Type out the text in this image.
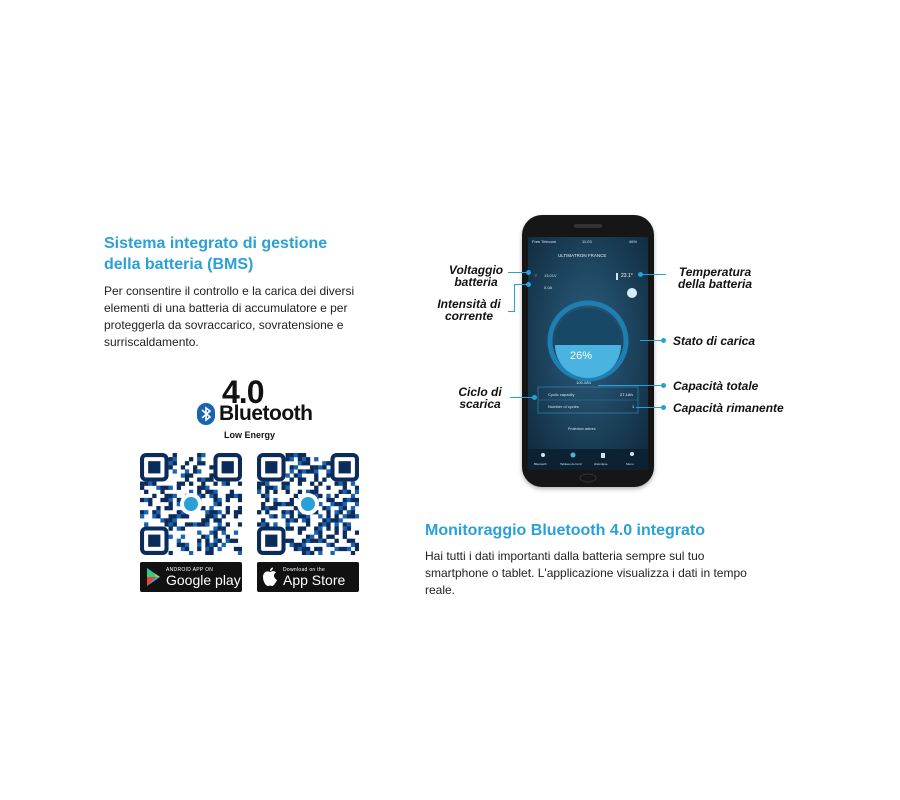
Sistema integrato di gestione della batteria (BMS)
Per consentire il controllo e la carica dei diversi elementi di una batteria di accumulatore e per proteggerla da sovraccarico, sovratensione e surriscaldamento.
4.0
Bluetooth
Low Energy
ANDROID APP ON
Google play
Download on the
App Store
Free Telecom	11:03	46%
ULTIMATRON FRANCE
⌔ 13.01V
0.0A
23.1°
26%
105.4Ah
Cyclic capacity	27.1Ah
Number of cycles	1
Protection actives
Bluetooth	Tableau de bord	Historique	Menu
Voltaggio batteria
Intensità di corrente
Ciclo di scarica
Temperatura della batteria
Stato di carica
Capacità totale
Capacità rimanente
Monitoraggio Bluetooth 4.0 integrato
Hai tutti i dati importanti dalla batteria sempre sul tuo smartphone o tablet. L'applicazione visualizza i dati in tempo reale.
